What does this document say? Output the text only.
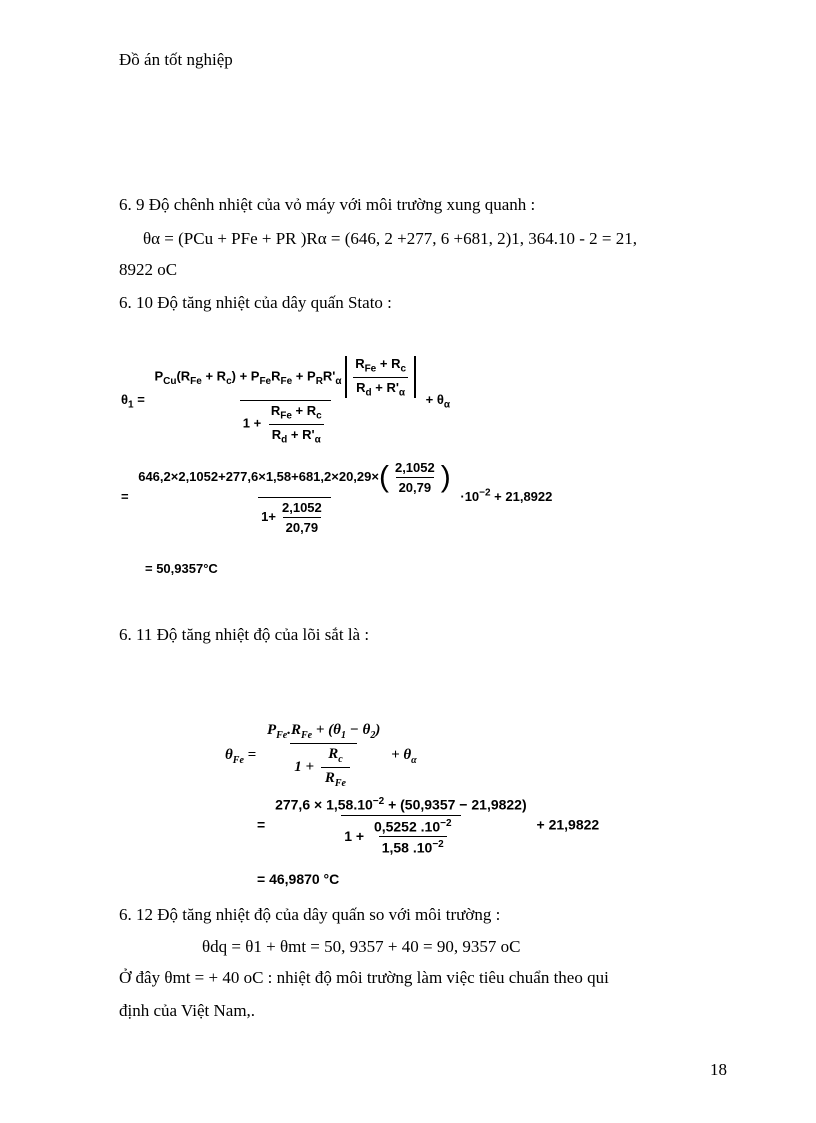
Đồ án tốt nghiệp
6. 9 Độ chênh nhiệt của vỏ máy với môi trường xung quanh :
θα = (PCu + PFe + PR )Rα = (646, 2 +277, 6 +681, 2)1, 364.10 - 2 = 21,
8922 oC
6. 10 Độ tăng nhiệt của dây quấn Stato :
$\theta_1 = \frac{P_{Cu}(R_{Fe} + R_c) + P_{Fe}R_{Fe} + P_RR'_\alpha \frac{R_{Fe} + R_c}{R_d + R'_\alpha}}{1 + \frac{R_{Fe} + R_c}{R_d + R'_\alpha}} + \theta_\alpha$
= $\frac{646,2\times 2,1052+277,6\times 1,58+681,2\times 20,29\times( \frac{2,1052}{20,79} )}{1+ \frac{2,1052}{20,79}} \cdot 10^{-2} + 21,8922$
= 50,9357°C
6. 11 Độ tăng nhiệt độ của lõi sắt là :
$\theta_{Fe} = \frac{P_{Fe}.R_{Fe} + (\theta_1 - \theta_2)}{1 + \frac{R_c}{R_{Fe}}} + \theta_\alpha$
= $\frac{277,6 \times 1,58.10^{-2} + (50,9357 - 21,9822)}{1 + \frac{0,5252 .10^{-2}}{1,58 .10^{-2}}} + 21,9822$
= 46,9870 °C
6. 12 Độ tăng nhiệt độ của dây quấn so với môi trường :
θdq = θ1 + θmt = 50, 9357 + 40 = 90, 9357 oC
Ở đây θmt = + 40 oC : nhiệt độ môi trường làm việc tiêu chuẩn theo qui
định của Việt Nam,.
18
